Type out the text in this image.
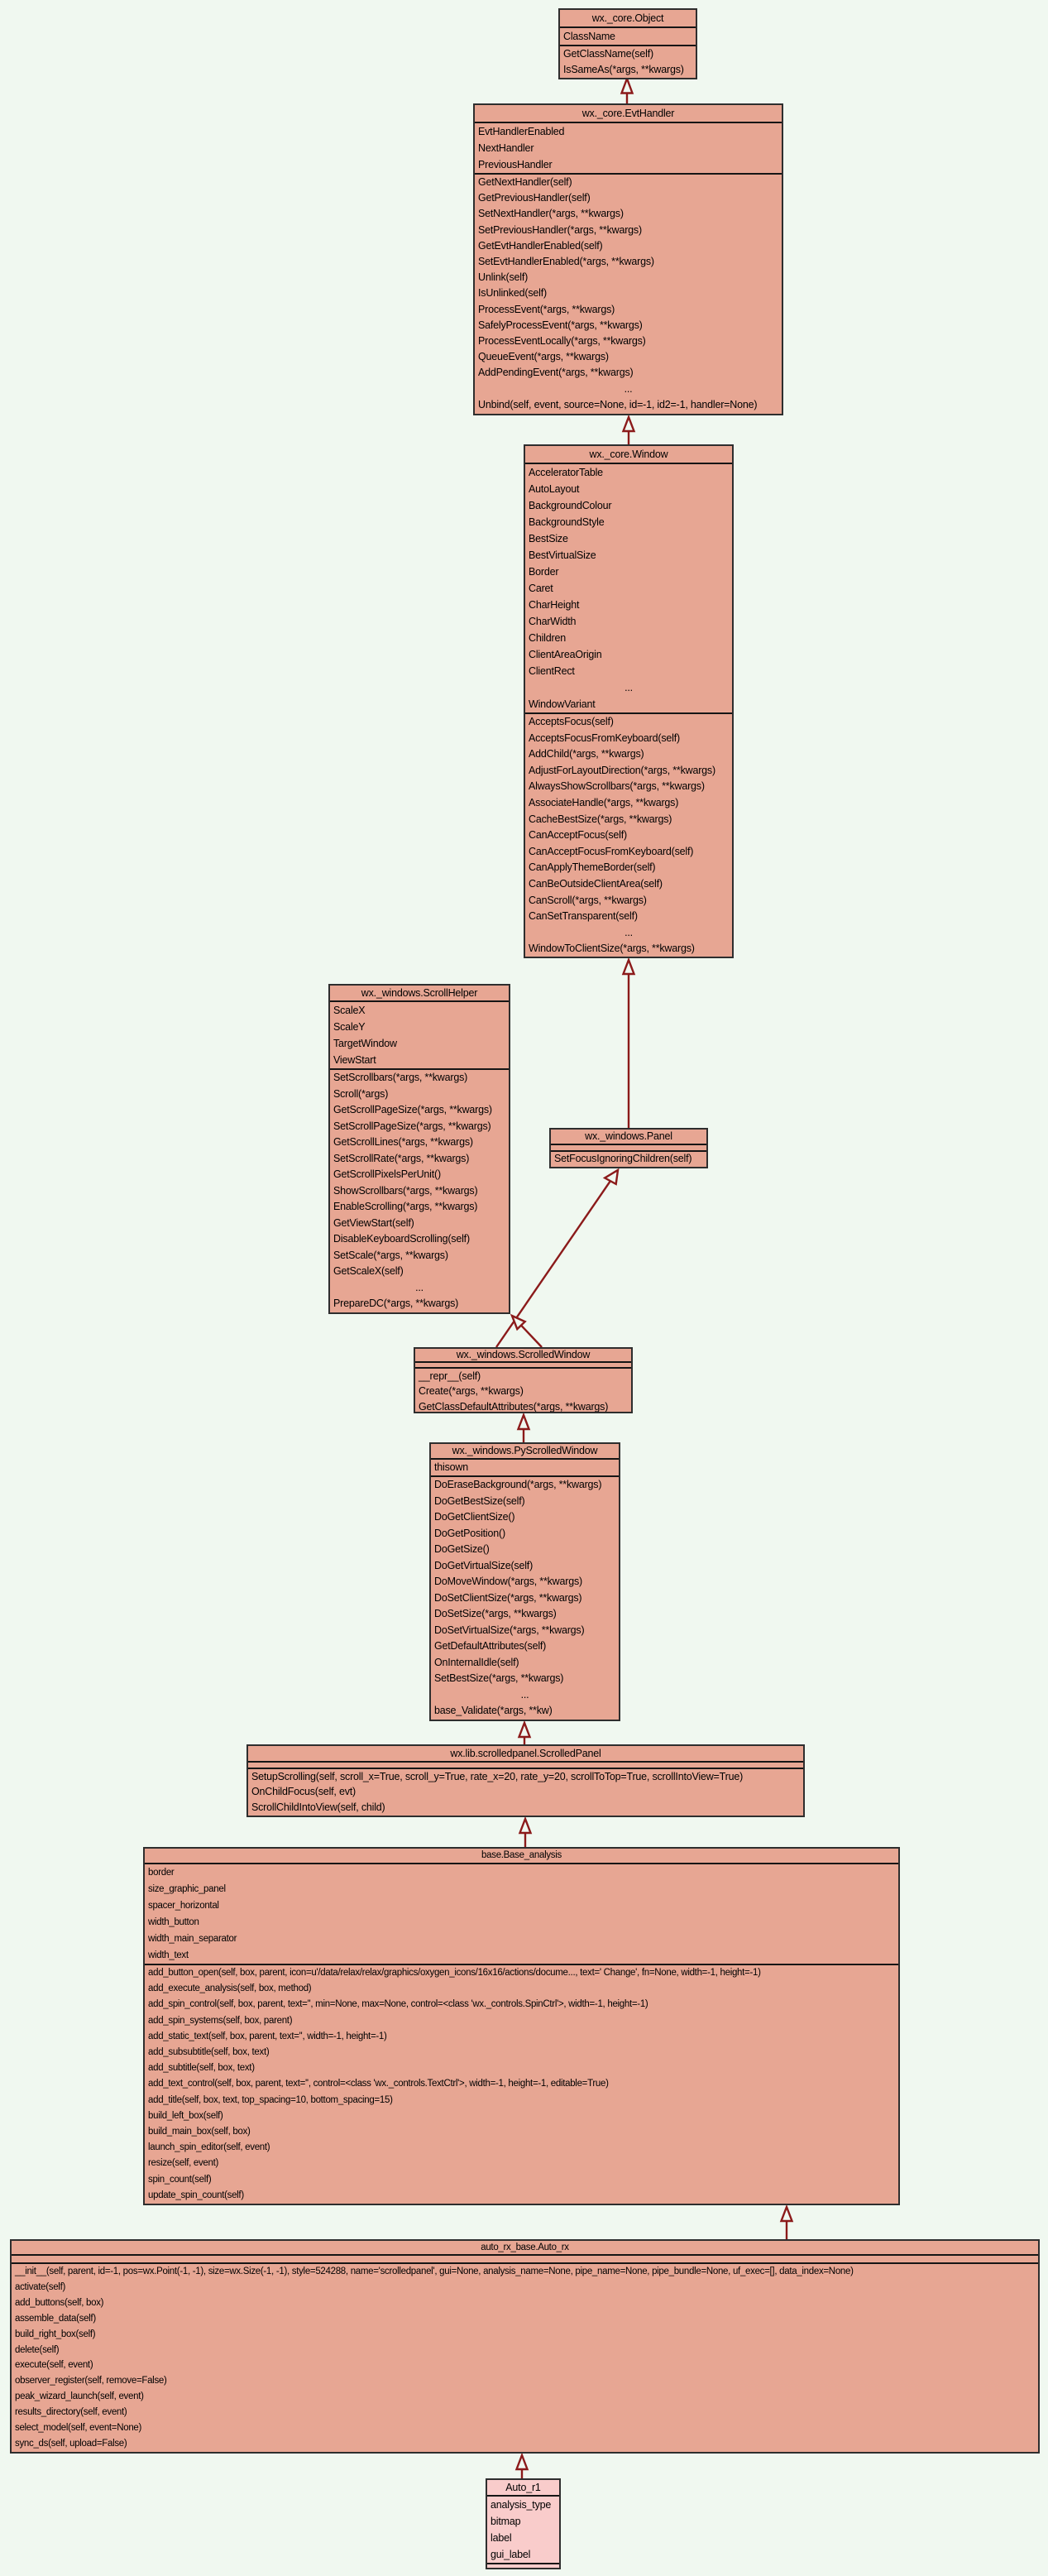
wx._core.Object
ClassName
GetClassName(self)
IsSameAs(*args, **kwargs)
wx._core.EvtHandler
EvtHandlerEnabled
NextHandler
PreviousHandler
GetNextHandler(self)
GetPreviousHandler(self)
SetNextHandler(*args, **kwargs)
SetPreviousHandler(*args, **kwargs)
GetEvtHandlerEnabled(self)
SetEvtHandlerEnabled(*args, **kwargs)
Unlink(self)
IsUnlinked(self)
ProcessEvent(*args, **kwargs)
SafelyProcessEvent(*args, **kwargs)
ProcessEventLocally(*args, **kwargs)
QueueEvent(*args, **kwargs)
AddPendingEvent(*args, **kwargs)
...
Unbind(self, event, source=None, id=-1, id2=-1, handler=None)
wx._core.Window
AcceleratorTable
AutoLayout
BackgroundColour
BackgroundStyle
BestSize
BestVirtualSize
Border
Caret
CharHeight
CharWidth
Children
ClientAreaOrigin
ClientRect
...
WindowVariant
AcceptsFocus(self)
AcceptsFocusFromKeyboard(self)
AddChild(*args, **kwargs)
AdjustForLayoutDirection(*args, **kwargs)
AlwaysShowScrollbars(*args, **kwargs)
AssociateHandle(*args, **kwargs)
CacheBestSize(*args, **kwargs)
CanAcceptFocus(self)
CanAcceptFocusFromKeyboard(self)
CanApplyThemeBorder(self)
CanBeOutsideClientArea(self)
CanScroll(*args, **kwargs)
CanSetTransparent(self)
...
WindowToClientSize(*args, **kwargs)
wx._windows.ScrollHelper
ScaleX
ScaleY
TargetWindow
ViewStart
SetScrollbars(*args, **kwargs)
Scroll(*args)
GetScrollPageSize(*args, **kwargs)
SetScrollPageSize(*args, **kwargs)
GetScrollLines(*args, **kwargs)
SetScrollRate(*args, **kwargs)
GetScrollPixelsPerUnit()
ShowScrollbars(*args, **kwargs)
EnableScrolling(*args, **kwargs)
GetViewStart(self)
DisableKeyboardScrolling(self)
SetScale(*args, **kwargs)
GetScaleX(self)
...
PrepareDC(*args, **kwargs)
wx._windows.Panel
SetFocusIgnoringChildren(self)
wx._windows.ScrolledWindow
__repr__(self)
Create(*args, **kwargs)
GetClassDefaultAttributes(*args, **kwargs)
wx._windows.PyScrolledWindow
thisown
DoEraseBackground(*args, **kwargs)
DoGetBestSize(self)
DoGetClientSize()
DoGetPosition()
DoGetSize()
DoGetVirtualSize(self)
DoMoveWindow(*args, **kwargs)
DoSetClientSize(*args, **kwargs)
DoSetSize(*args, **kwargs)
DoSetVirtualSize(*args, **kwargs)
GetDefaultAttributes(self)
OnInternalIdle(self)
SetBestSize(*args, **kwargs)
...
base_Validate(*args, **kw)
wx.lib.scrolledpanel.ScrolledPanel
SetupScrolling(self, scroll_x=True, scroll_y=True, rate_x=20, rate_y=20, scrollToTop=True, scrollIntoView=True)
OnChildFocus(self, evt)
ScrollChildIntoView(self, child)
base.Base_analysis
border
size_graphic_panel
spacer_horizontal
width_button
width_main_separator
width_text
add_button_open(self, box, parent, icon=u'/data/relax/relax/graphics/oxygen_icons/16x16/actions/docume..., text=' Change', fn=None, width=-1, height=-1)
add_execute_analysis(self, box, method)
add_spin_control(self, box, parent, text='', min=None, max=None, control=<class 'wx._controls.SpinCtrl'>, width=-1, height=-1)
add_spin_systems(self, box, parent)
add_static_text(self, box, parent, text='', width=-1, height=-1)
add_subsubtitle(self, box, text)
add_subtitle(self, box, text)
add_text_control(self, box, parent, text='', control=<class 'wx._controls.TextCtrl'>, width=-1, height=-1, editable=True)
add_title(self, box, text, top_spacing=10, bottom_spacing=15)
build_left_box(self)
build_main_box(self, box)
launch_spin_editor(self, event)
resize(self, event)
spin_count(self)
update_spin_count(self)
auto_rx_base.Auto_rx
__init__(self, parent, id=-1, pos=wx.Point(-1, -1), size=wx.Size(-1, -1), style=524288, name='scrolledpanel', gui=None, analysis_name=None, pipe_name=None, pipe_bundle=None, uf_exec=[], data_index=None)
activate(self)
add_buttons(self, box)
assemble_data(self)
build_right_box(self)
delete(self)
execute(self, event)
observer_register(self, remove=False)
peak_wizard_launch(self, event)
results_directory(self, event)
select_model(self, event=None)
sync_ds(self, upload=False)
Auto_r1
analysis_type
bitmap
label
gui_label
